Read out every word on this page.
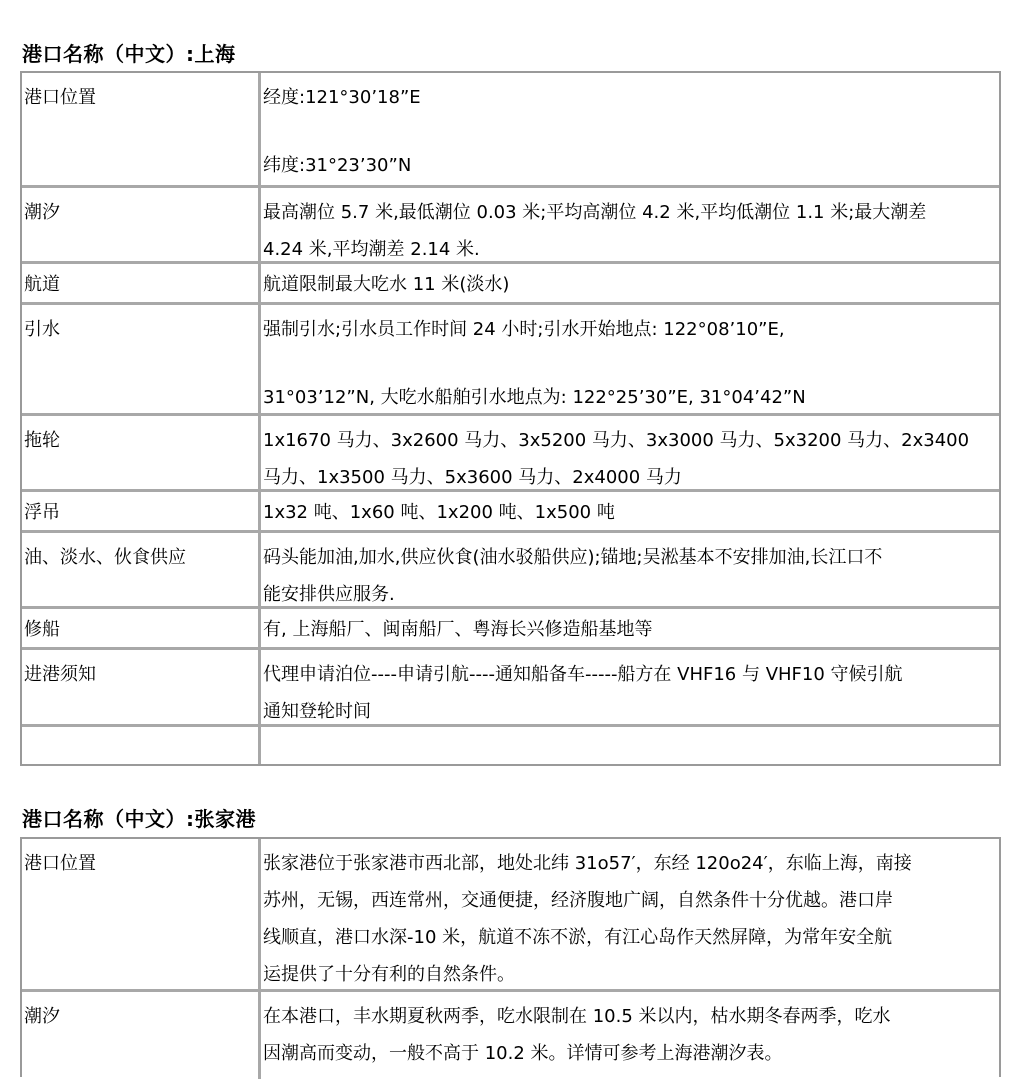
港口名称（中文）:上海
港口位置	经度:121°30’18”E
纬度:31°23’30”N
潮汐	最高潮位 5.7 米,最低潮位 0.03 米;平均高潮位 4.2 米,平均低潮位 1.1 米;最大潮差
4.24 米,平均潮差 2.14 米.
航道	航道限制最大吃水 11 米(淡水)
引水	强制引水;引水员工作时间 24 小时;引水开始地点: 122°08’10”E,
31°03’12”N, 大吃水船舶引水地点为: 122°25’30”E, 31°04’42”N
拖轮	1x1670 马力、3x2600 马力、3x5200 马力、3x3000 马力、5x3200 马力、2x3400
马力、1x3500 马力、5x3600 马力、2x4000 马力
浮吊	1x32 吨、1x60 吨、1x200 吨、1x500 吨
油、淡水、伙食供应	码头能加油,加水,供应伙食(油水驳船供应);锚地;吴淞基本不安排加油,长江口不
能安排供应服务.
修船	有, 上海船厂、闽南船厂、粤海长兴修造船基地等
进港须知	代理申请泊位----申请引航----通知船备车-----船方在 VHF16 与 VHF10 守候引航
通知登轮时间
港口名称（中文）:张家港
港口位置	张家港位于张家港市西北部，地处北纬 31o57′，东经 120o24′，东临上海，南接
苏州，无锡，西连常州，交通便捷，经济腹地广阔，自然条件十分优越。港口岸
线顺直，港口水深-10 米，航道不冻不淤，有江心岛作天然屏障，为常年安全航
运提供了十分有利的自然条件。
潮汐	在本港口，丰水期夏秋两季，吃水限制在 10.5 米以内，枯水期冬春两季，吃水
因潮高而变动，一般不高于 10.2 米。详情可参考上海港潮汐表。
